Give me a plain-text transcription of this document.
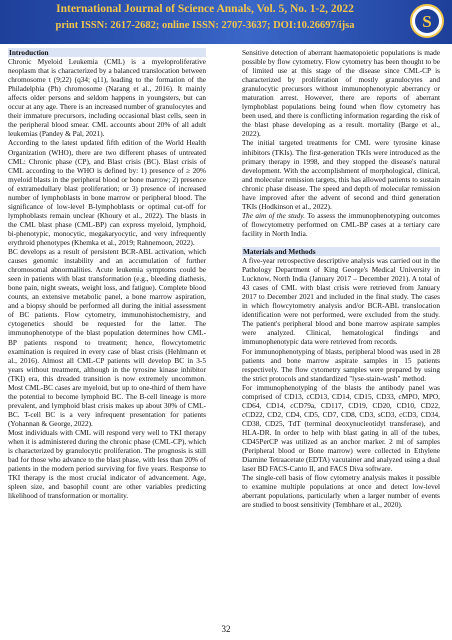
International Journal of Science Annals, Vol. 5, No. 1-2, 2022
print ISSN: 2617-2682; online ISSN: 2707-3637; DOI:10.26697/ijsa	S
Introduction

Chronic Myeloid Leukemia (CML) is a myeloproliferative neoplasm that is characterized by a balanced translocation between chromosome t (9;22) (q34; q11), leading to the formation of the Philadelphia (Ph) chromosome (Narang et al., 2016). It mainly affects older persons and seldom happens in youngsters, but can occur at any age. There is an increased number of granulocytes and their immature precursors, including occasional blast cells, seen in the peripheral blood smear. CML accounts about 20% of all adult leukemias (Pandey & Pal, 2021).

According to the latest updated fifth edition of the World Health Organization (WHO), there are two different phases of untreated CML: Chronic phase (CP), and Blast crisis (BC). Blast crisis of CML according to the WHO is defined by: 1) presence of ≥ 20% myeloid blasts in the peripheral blood or bone marrow; 2) presence of extramedullary blast proliferation; or 3) presence of increased number of lymphoblasts in bone marrow or peripheral blood. The significance of low-level B-lymphoblasts or optimal cut-off for lymphoblasts remain unclear (Khoury et al., 2022). The blasts in the CML blast phase (CML-BP) can express myeloid, lymphoid, bi-phenotypic, monocytic, megakaryocytic, and very infrequently erythroid phenotypes (Khemka et al., 2019; Rahnemoon, 2022).

BC develops as a result of persistent BCR-ABL activation, which causes genomic instability and an accumulation of further chromosomal abnormalities. Acute leukemia symptoms could be seen in patients with blast transformation (e.g., bleeding diathesis, bone pain, night sweats, weight loss, and fatigue). Complete blood counts, an extensive metabolic panel, a bone marrow aspiration, and a biopsy should be performed all during the initial assessment of BC patients. Flow cytometry, immunohistochemistry, and cytogenetics should be requested for the latter. The immunophenotype of the blast population determines how CML-BP patients respond to treatment; hence, flowcytometric examination is required in every case of blast crisis (Hehlmann et al., 2016). Almost all CML-CP patients will develop BC in 3-5 years without treatment, although in the tyrosine kinase inhibitor (TKI) era, this dreaded transition is now extremely uncommon. Most CML-BC cases are myeloid, but up to one-third of them have the potential to become lymphoid BC. The B-cell lineage is more prevalent, and lymphoid blast crisis makes up about 30% of CML-BC. T-cell BC is a very infrequent presentation for patients (Yohannan & George, 2022).

Most individuals with CML will respond very well to TKI therapy when it is administered during the chronic phase (CML-CP), which is characterized by granulocytic proliferation. The prognosis is still bad for those who advance to the blast phase, with less than 20% of patients in the modern period surviving for five years. Response to TKI therapy is the most crucial indicator of advancement. Age, spleen size, and basophil count are other variables predicting likelihood of transformation or mortality.

Sensitive detection of aberrant haematopoietic populations is made possible by flow cytometry. Flow cytometry has been thought to be of limited use at this stage of the disease since CML-CP is characterized by proliferation of mostly granulocytes and granulocytic precursors without immunophenotypic aberrancy or maturation arrest. However, there are reports of aberrant lymphoblast populations being found when flow cytometry has been used, and there is conflicting information regarding the risk of the blast phase developing as a result. mortality (Barge et al., 2022).

The initial targeted treatments for CML were tyrosine kinase inhibitors (TKIs). The first-generation TKIs were introduced as the primary therapy in 1998, and they stopped the disease's natural development. With the accomplishment of morphological, clinical, and molecular remission targets, this has allowed patients to sustain chronic phase disease. The speed and depth of molecular remission have improved after the advent of second and third generation TKIs (Hodkinson et al., 2022).

The aim of the study. To assess the immunophenotyping outcomes of flowcytometry performed on CML-BP cases at a tertiary care facility in North India.

Materials and Methods

A five-year retrospective descriptive analysis was carried out in the Pathology Department of King George's Medical University in Lucknow, North India (January 2017 – December 2021). A total of 43 cases of CML with blast crisis were retrieved from January 2017 to December 2021 and included in the final study. The cases in which flowcytometry analysis and/or BCR-ABL translocation identification were not performed, were excluded from the study. The patient's peripheral blood and bone marrow aspirate samples were analyzed. Clinical, hematological findings and immunophenotypic data were retrieved from records.

For immunophenotyping of blasts, peripheral blood was used in 28 patients and bone marrow aspirate samples in 15 patients respectively. The flow cytometry samples were prepared by using the strict protocols and standardized "lyse-stain-wash" method.

For immunophenotyping of the blasts the antibody panel was comprised of CD13, cCD13, CD14, CD15, CD33, cMPO, MPO, CD64, CD14, cCD79a, CD117, CD19, CD20, CD10, CD22, cCD22, CD2, CD4, CD5, CD7, CD8, CD3, sCD3, cCD3, CD34, CD38, CD25, TdT (terminal deoxynucleotidyl transferase), and HLA-DR. In order to help with blast gating in all of the tubes, CD45PerCP was utilized as an anchor marker. 2 ml of samples (Peripheral blood or Bone marrow) were collected in Ethylene Diamine Tetraacetate (EDTA) vacutainer and analyzed using a dual laser BD FACS-Canto II, and FACS Diva software.

The single-cell basis of flow cytometry analysis makes it possible to examine multiple populations at once and detect low-level aberrant populations, particularly when a larger number of events are studied to boost sensitivity (Tembhare et al., 2020).

32
